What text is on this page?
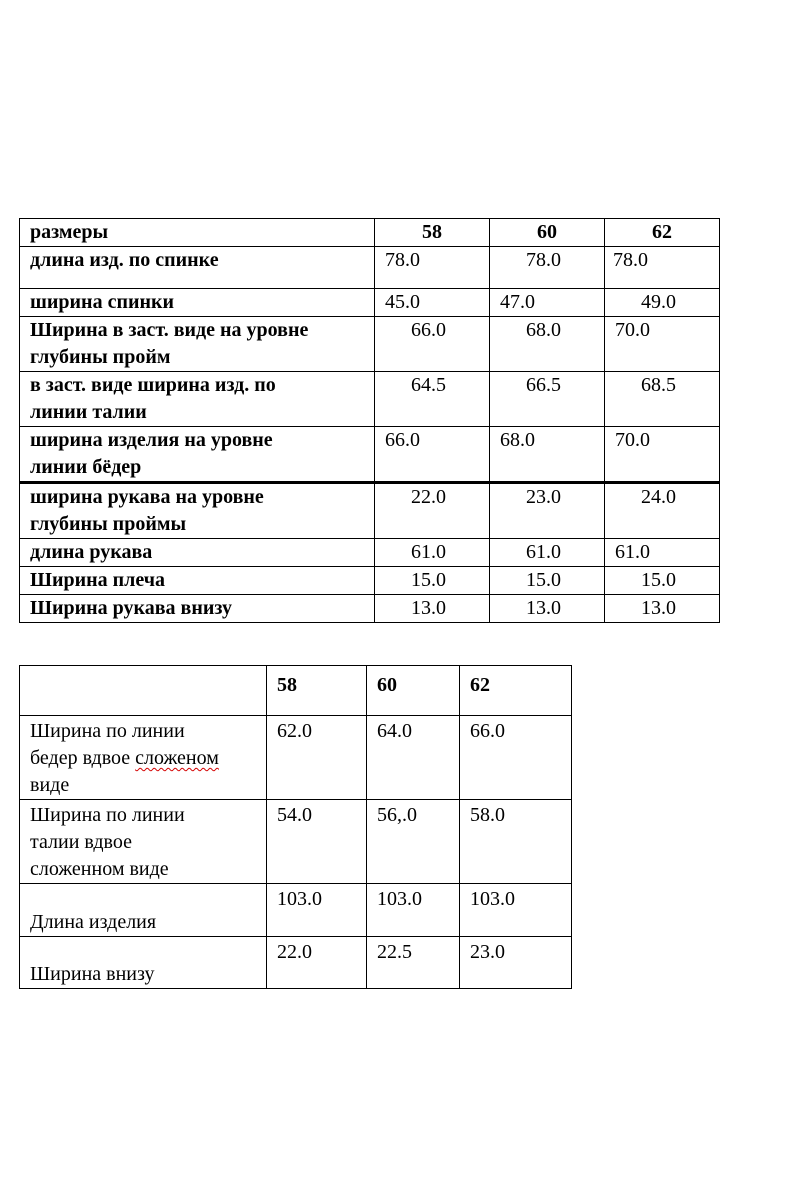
размеры	58	60	62
длина изд. по спинке	78.0	78.0	78.0
ширина спинки	45.0	47.0	49.0
Ширина в заст. виде на уровне
глубины пройм	66.0	68.0	70.0
в заст. виде ширина изд. по
линии талии	64.5	66.5	68.5
ширина изделия на уровне
линии бёдер	66.0	68.0	70.0
ширина рукава на уровне
глубины проймы	22.0	23.0	24.0
длина рукава	61.0	61.0	61.0
Ширина плеча	15.0	15.0	15.0
Ширина рукава внизу	13.0	13.0	13.0
	58	60	62
Ширина по линии
бедер вдвое сложеном
виде	62.0	64.0	66.0
Ширина по линии
талии вдвое
сложенном виде	54.0	56,.0	58.0
Длина изделия	103.0	103.0	103.0
Ширина внизу	22.0	22.5	23.0
